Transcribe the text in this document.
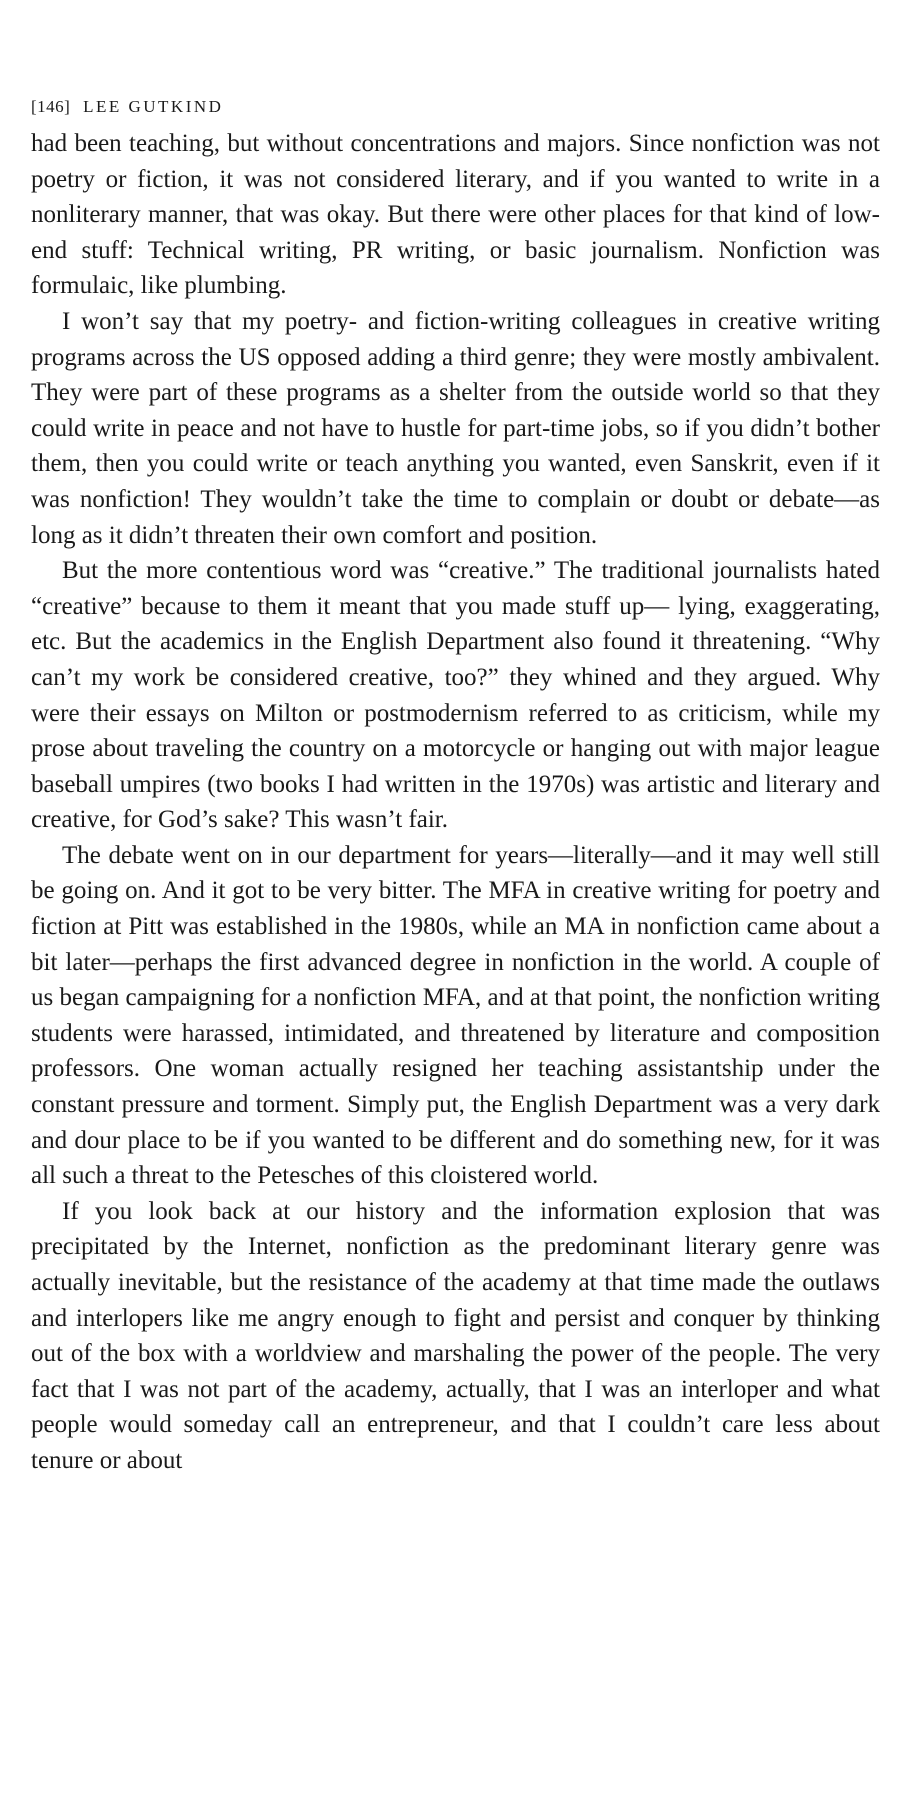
[146] LEE GUTKIND

had been teaching, but without concentrations and majors. Since nonfiction was not poetry or fiction, it was not considered literary, and if you wanted to write in a nonliterary manner, that was okay. But there were other places for that kind of low-end stuff: Technical writing, PR writing, or basic journalism. Nonfiction was formulaic, like plumbing.

I won’t say that my poetry- and fiction-writing colleagues in creative writing programs across the US opposed adding a third genre; they were mostly ambivalent. They were part of these programs as a shelter from the outside world so that they could write in peace and not have to hustle for part-time jobs, so if you didn’t bother them, then you could write or teach anything you wanted, even Sanskrit, even if it was nonfiction! They wouldn’t take the time to complain or doubt or debate—as long as it didn’t threaten their own comfort and position.

But the more contentious word was “creative.” The traditional journalists hated “creative” because to them it meant that you made stuff up— lying, exaggerating, etc. But the academics in the English Department also found it threatening. “Why can’t my work be considered creative, too?” they whined and they argued. Why were their essays on Milton or postmodernism referred to as criticism, while my prose about traveling the country on a motorcycle or hanging out with major league baseball umpires (two books I had written in the 1970s) was artistic and literary and creative, for God’s sake? This wasn’t fair.

The debate went on in our department for years—literally—and it may well still be going on. And it got to be very bitter. The MFA in creative writing for poetry and fiction at Pitt was established in the 1980s, while an MA in nonfiction came about a bit later—perhaps the first advanced degree in nonfiction in the world. A couple of us began campaigning for a nonfiction MFA, and at that point, the nonfiction writing students were harassed, intimidated, and threatened by literature and composition professors. One woman actually resigned her teaching assistantship under the constant pressure and torment. Simply put, the English Department was a very dark and dour place to be if you wanted to be different and do something new, for it was all such a threat to the Petesches of this cloistered world.

If you look back at our history and the information explosion that was precipitated by the Internet, nonfiction as the predominant literary genre was actually inevitable, but the resistance of the academy at that time made the outlaws and interlopers like me angry enough to fight and persist and conquer by thinking out of the box with a worldview and marshaling the power of the people. The very fact that I was not part of the academy, actually, that I was an interloper and what people would someday call an entrepreneur, and that I couldn’t care less about tenure or about
